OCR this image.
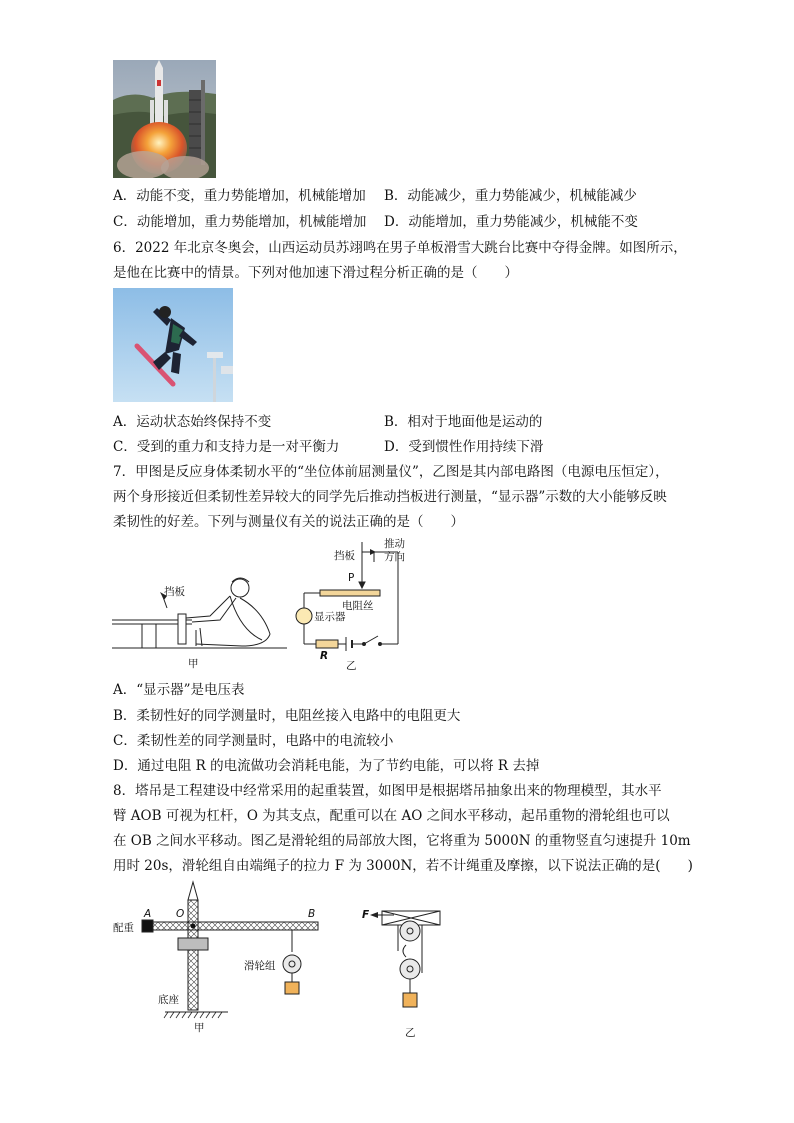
A．动能不变，重力势能增加，机械能增加 B．动能减少，重力势能减少，机械能减少
C．动能增加，重力势能增加，机械能增加 D．动能增加，重力势能减少，机械能不变
6．2022 年北京冬奥会，山西运动员苏翊鸣在男子单板滑雪大跳台比赛中夺得金牌。如图所示，
是他在比赛中的情景。下列对他加速下滑过程分析正确的是（　　）
A．运动状态始终保持不变	B．相对于地面他是运动的
C．受到的重力和支持力是一对平衡力	D．受到惯性作用持续下滑
7．甲图是反应身体柔韧水平的“坐位体前屈测量仪”，乙图是其内部电路图（电源电压恒定），
两个身形接近但柔韧性差异较大的同学先后推动挡板进行测量，“显示器”示数的大小能够反映
柔韧性的好差。下列与测量仪有关的说法正确的是（　　）
挡板
甲
挡板
推动
方向
P
电阻丝
显示器
R
乙
A．“显示器”是电压表
B．柔韧性好的同学测量时，电阻丝接入电路中的电阻更大
C．柔韧性差的同学测量时，电路中的电流较小
D．通过电阻 R 的电流做功会消耗电能，为了节约电能，可以将 R 去掉
8．塔吊是工程建设中经常采用的起重装置，如图甲是根据塔吊抽象出来的物理模型，其水平
臂 AOB 可视为杠杆，O 为其支点，配重可以在 AO 之间水平移动，起吊重物的滑轮组也可以
在 OB 之间水平移动。图乙是滑轮组的局部放大图，它将重为 5000N 的重物竖直匀速提升 10m
用时 20s，滑轮组自由端绳子的拉力 F 为 3000N，若不计绳重及摩擦，以下说法正确的是(　　)
A O	B
配重
滑轮组
底座
甲
F
乙
